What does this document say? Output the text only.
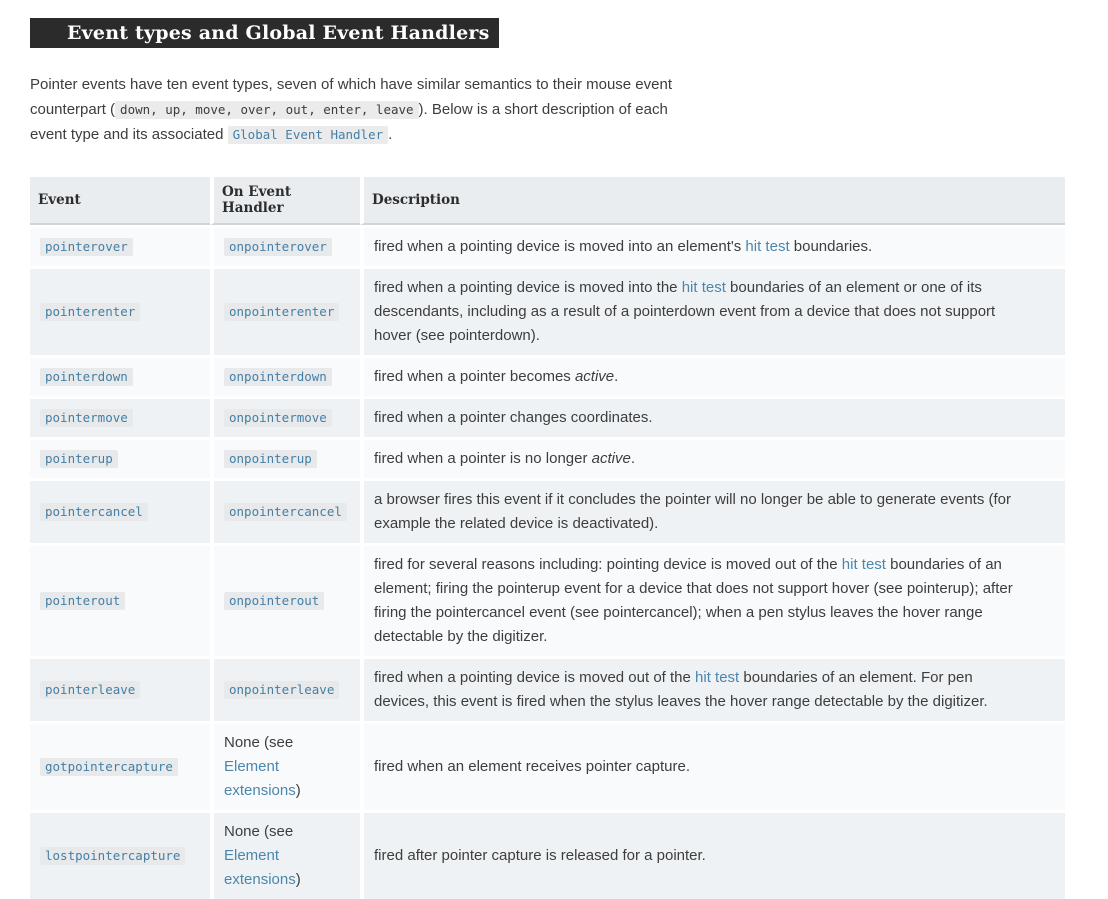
Event types and Global Event Handlers

Pointer events have ten event types, seven of which have similar semantics to their mouse event counterpart ( down, up, move, over, out, enter, leave ). Below is a short description of each event type and its associated Global Event Handler .

Event	On Event Handler	Description
pointerover	onpointerover	fired when a pointing device is moved into an element's hit test boundaries.
pointerenter	onpointerenter	fired when a pointing device is moved into the hit test boundaries of an element or one of its descendants, including as a result of a pointerdown event from a device that does not support hover (see pointerdown).
pointerdown	onpointerdown	fired when a pointer becomes active.
pointermove	onpointermove	fired when a pointer changes coordinates.
pointerup	onpointerup	fired when a pointer is no longer active.
pointercancel	onpointercancel	a browser fires this event if it concludes the pointer will no longer be able to generate events (for example the related device is deactivated).
pointerout	onpointerout	fired for several reasons including: pointing device is moved out of the hit test boundaries of an element; firing the pointerup event for a device that does not support hover (see pointerup); after firing the pointercancel event (see pointercancel); when a pen stylus leaves the hover range detectable by the digitizer.
pointerleave	onpointerleave	fired when a pointing device is moved out of the hit test boundaries of an element. For pen devices, this event is fired when the stylus leaves the hover range detectable by the digitizer.
gotpointercapture	None (see Element extensions)	fired when an element receives pointer capture.
lostpointercapture	None (see Element extensions)	fired after pointer capture is released for a pointer.
